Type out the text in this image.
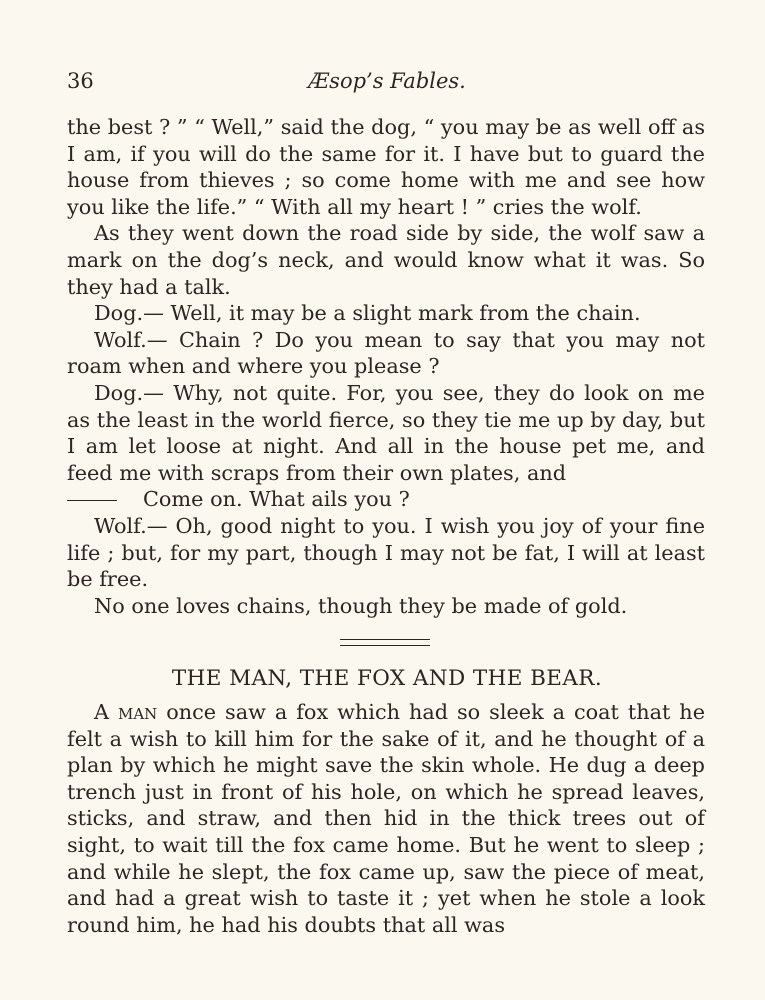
36	Æsop’s Fables.

the best ? ” “ Well,” said the dog, “ you may be as well off as I am, if you will do the same for it. I have but to guard the house from thieves ; so come home with me and see how you like the life.” “ With all my heart ! ” cries the wolf.

As they went down the road side by side, the wolf saw a mark on the dog’s neck, and would know what it was. So they had a talk.

Dog.— Well, it may be a slight mark from the chain.

Wolf.— Chain ? Do you mean to say that you may not roam when and where you please ?

Dog.— Why, not quite. For, you see, they do look on me as the least in the world fierce, so they tie me up by day, but I am let loose at night. And all in the house pet me, and feed me with scraps from their own plates, and

Come on. What ails you ?

Wolf.— Oh, good night to you. I wish you joy of your fine life ; but, for my part, though I may not be fat, I will at least be free.

No one loves chains, though they be made of gold.

THE MAN, THE FOX AND THE BEAR.

A man once saw a fox which had so sleek a coat that he felt a wish to kill him for the sake of it, and he thought of a plan by which he might save the skin whole. He dug a deep trench just in front of his hole, on which he spread leaves, sticks, and straw, and then hid in the thick trees out of sight, to wait till the fox came home. But he went to sleep ; and while he slept, the fox came up, saw the piece of meat, and had a great wish to taste it ; yet when he stole a look round him, he had his doubts that all was
